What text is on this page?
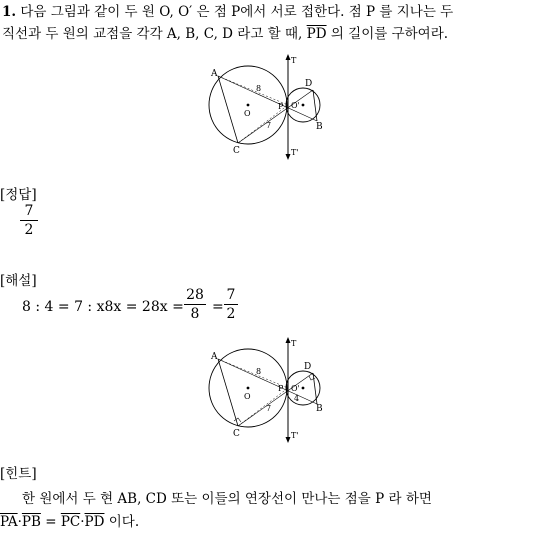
1. 다음 그림과 같이 두 원 O, O′ 은 점 P에서 서로 접한다. 점 P 를 지나는 두
직선과 두 원의 교점을 각각 A, B, C, D 라고 할 때, $\overline{PD}$ 의 길이를 구하여라.
T
T'
A
C
D
B
P
O
O'
8
7
[정답]
7
2
[해설]
8 : 4 = 7 : x8x = 28x =
28
8 =
7
2
T
T'
A
C
D
B
P
O
O'
8
7
4
[힌트]
한 원에서 두 현 AB, CD 또는 이들의 연장선이 만나는 점을 P 라 하면
$\overline{PA}\cdot\overline{PB} = \overline{PC}\cdot\overline{PD}$ 이다.
